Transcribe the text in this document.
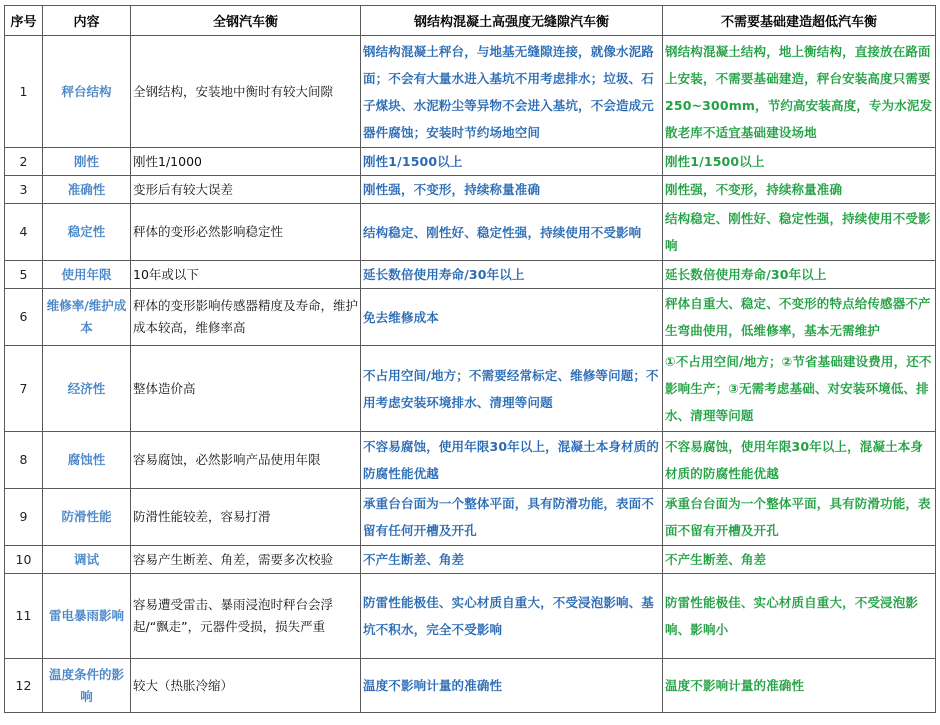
序号	内容	全钢汽车衡	钢结构混凝土高强度无缝隙汽车衡	不需要基础建造超低汽车衡
1	秤台结构	全钢结构，安装地中衡时有较大间隙	钢结构混凝土秤台，与地基无缝隙连接，就像水泥路面；不会有大量水进入基坑不用考虑排水；垃圾、石子煤块、水泥粉尘等异物不会进入基坑，不会造成元器件腐蚀；安装时节约场地空间	钢结构混凝土结构，地上衡结构，直接放在路面上安装，不需要基础建造，秤台安装高度只需要250~300mm，节约高安装高度，专为水泥发散老库不适宜基础建设场地
2	刚性	刚性1/1000	刚性1/1500以上	刚性1/1500以上
3	准确性	变形后有较大误差	刚性强，不变形，持续称量准确	刚性强，不变形，持续称量准确
4	稳定性	秤体的变形必然影响稳定性	结构稳定、刚性好、稳定性强，持续使用不受影响	结构稳定、刚性好、稳定性强，持续使用不受影响
5	使用年限	10年或以下	延长数倍使用寿命/30年以上	延长数倍使用寿命/30年以上
6	维修率/维护成本	秤体的变形影响传感器精度及寿命，维护成本较高，维修率高	免去维修成本	秤体自重大、稳定、不变形的特点给传感器不产生弯曲使用，低维修率，基本无需维护
7	经济性	整体造价高	不占用空间/地方；不需要经常标定、维修等问题；不用考虑安装环境排水、清理等问题	①不占用空间/地方；②节省基础建设费用，还不影响生产；③无需考虑基础、对安装环境低、排水、清理等问题
8	腐蚀性	容易腐蚀，必然影响产品使用年限	不容易腐蚀，使用年限30年以上，混凝土本身材质的防腐性能优越	不容易腐蚀，使用年限30年以上，混凝土本身材质的防腐性能优越
9	防滑性能	防滑性能较差，容易打滑	承重台台面为一个整体平面，具有防滑功能，表面不留有任何开槽及开孔	承重台台面为一个整体平面，具有防滑功能，表面不留有开槽及开孔
10	调试	容易产生断差、角差，需要多次校验	不产生断差、角差	不产生断差、角差
11	雷电暴雨影响	容易遭受雷击、暴雨浸泡时秤台会浮起/“飘走”，元器件受损，损失严重	防雷性能极佳、实心材质自重大，不受浸泡影响、基坑不积水，完全不受影响	防雷性能极佳、实心材质自重大，不受浸泡影响、影响小
12	温度条件的影响	较大（热胀冷缩）	温度不影响计量的准确性	温度不影响计量的准确性
